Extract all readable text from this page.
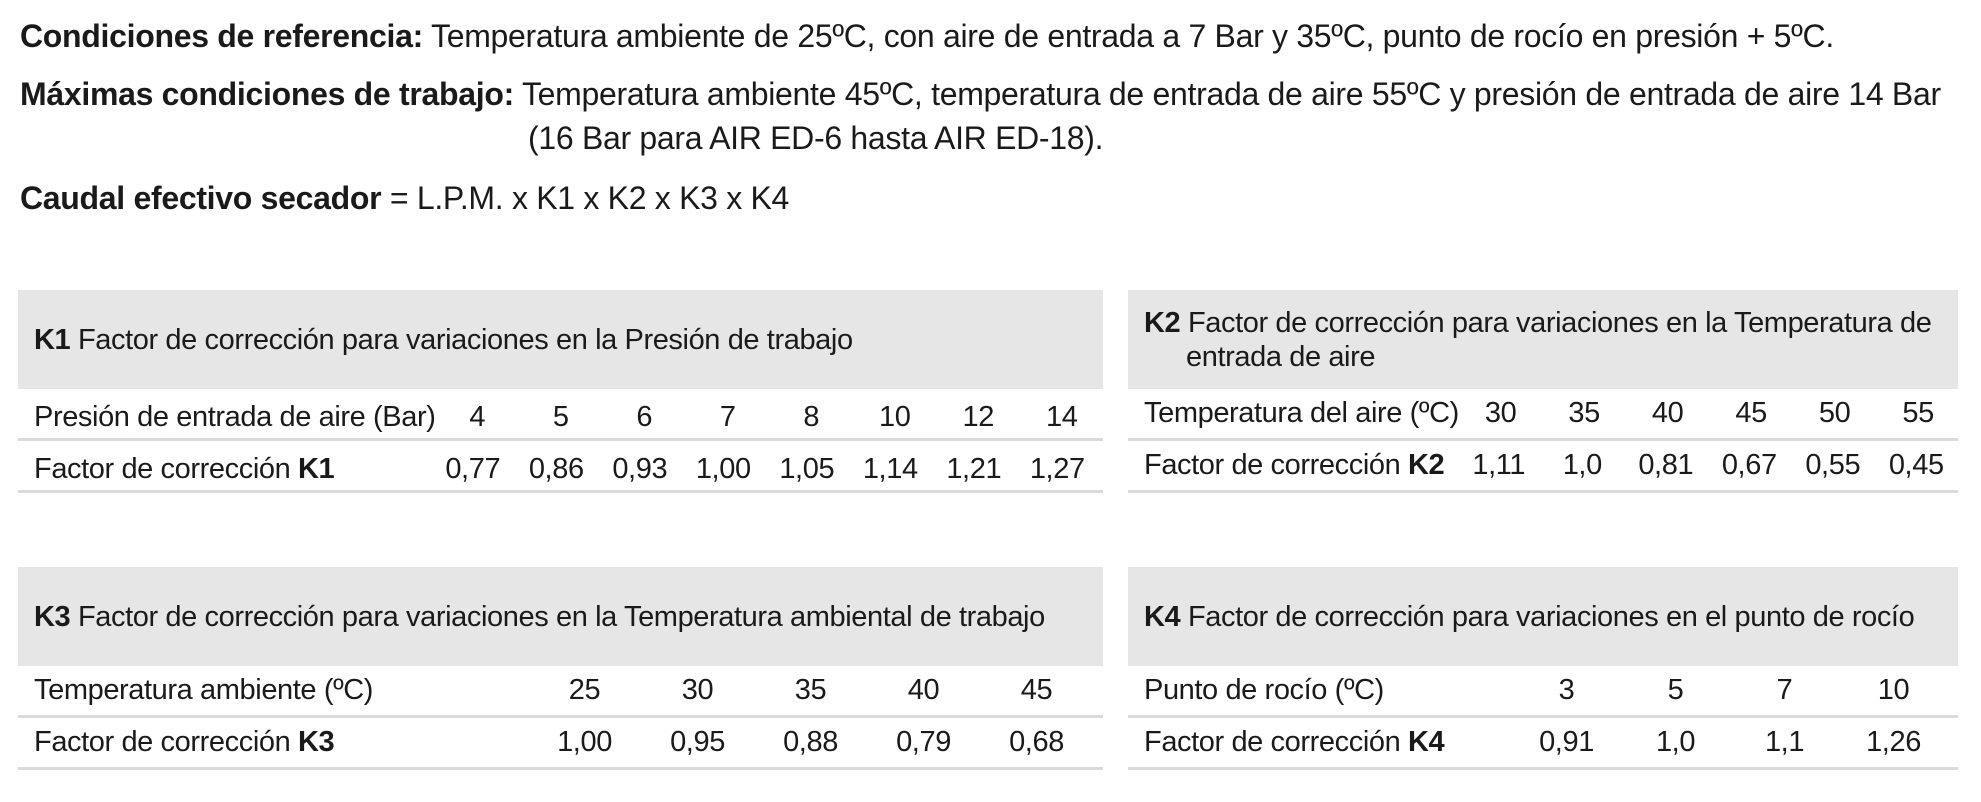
Condiciones de referencia: Temperatura ambiente de 25ºC, con aire de entrada a 7 Bar y 35ºC, punto de rocío en presión + 5ºC.
Máximas condiciones de trabajo: Temperatura ambiente 45ºC, temperatura de entrada de aire 55ºC y presión de entrada de aire 14 Bar
(16 Bar para AIR ED-6 hasta AIR ED-18).
Caudal efectivo secador = L.P.M. x K1 x K2 x K3 x K4
K1 Factor de corrección para variaciones en la Presión de trabajo
Presión de entrada de aire (Bar)	4	5	6	7	8	10	12	14
Factor de corrección K1	0,77 0,86 0,93 1,00 1,05 1,14 1,21 1,27
K2 Factor de corrección para variaciones en la Temperatura de entrada de aire
Temperatura del aire (ºC) 30	35	40	45	50	55
Factor de corrección K2 1,11	1,0	0,81 0,67 0,55 0,45
K3 Factor de corrección para variaciones en la Temperatura ambiental de trabajo
Temperatura ambiente (ºC)	25	30	35	40	45
Factor de corrección K3	1,00	0,95	0,88	0,79	0,68
K4 Factor de corrección para variaciones en el punto de rocío
Punto de rocío (ºC)	3	5	7	10
Factor de corrección K4	0,91	1,0	1,1	1,26
